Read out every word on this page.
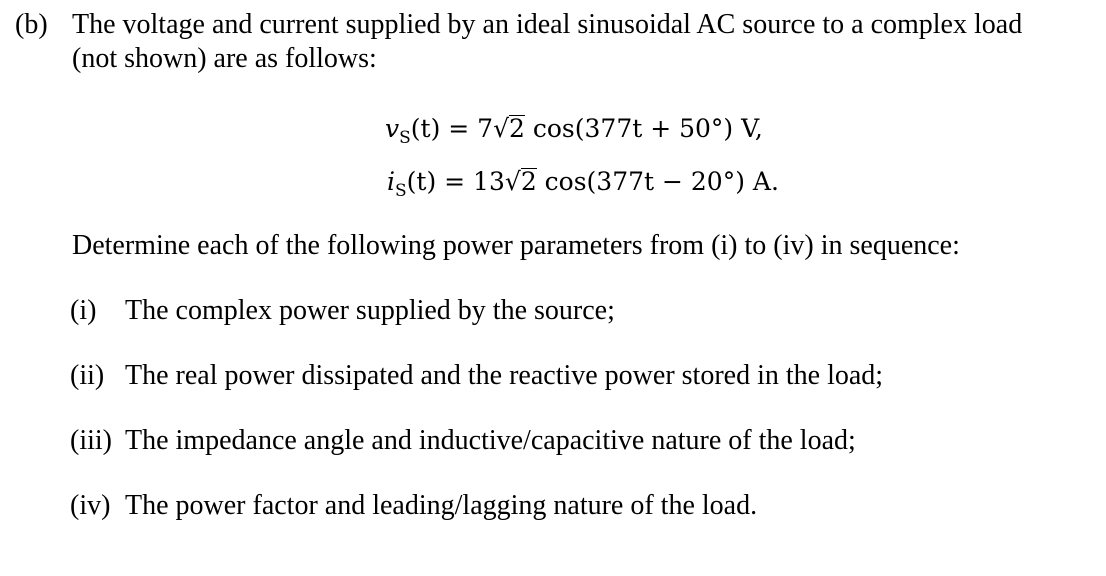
(b) The voltage and current supplied by an ideal sinusoidal AC source to a complex load
(not shown) are as follows:
$v_S(t) = 7√2$ cos(377t + 50°) V,
$i_S(t) = 13√2$ cos(377t − 20°) A.
Determine each of the following power parameters from (i) to (iv) in sequence:
(i) The complex power supplied by the source;
(ii) The real power dissipated and the reactive power stored in the load;
(iii) The impedance angle and inductive/capacitive nature of the load;
(iv) The power factor and leading/lagging nature of the load.
